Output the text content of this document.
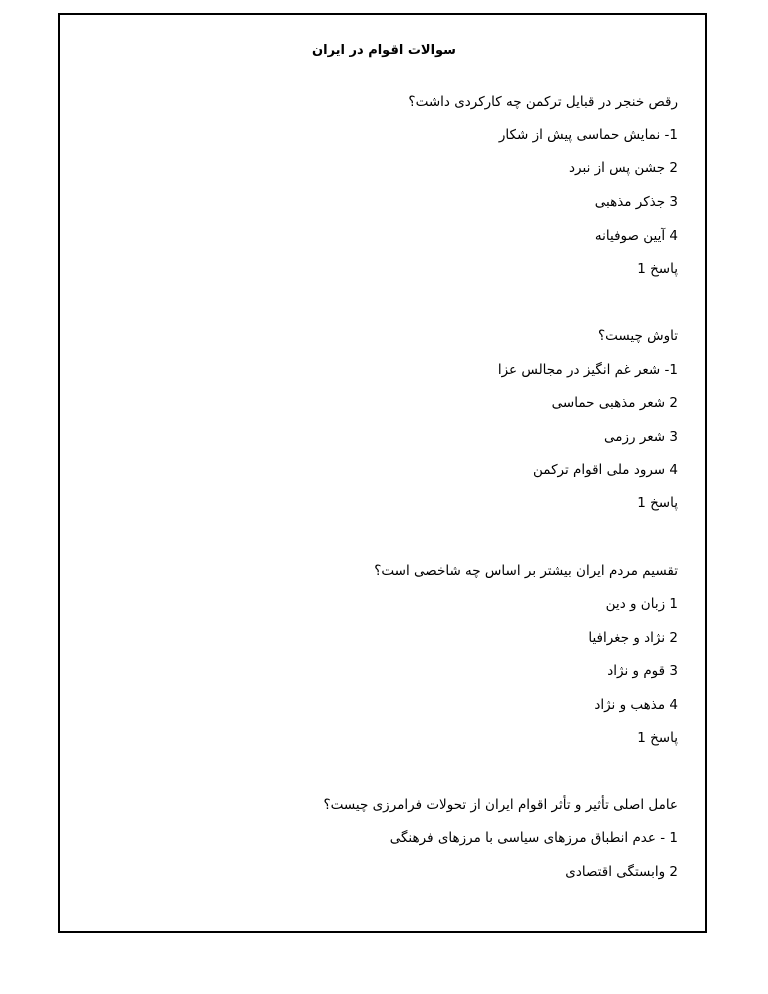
سوالات اقوام در ایران
رقص خنجر در قبایل ترکمن چه کارکردی داشت؟
1- نمایش حماسی پیش از شکار
2 جشن پس از نبرد
3 جذکر مذهبی
4 آیین صوفیانه
پاسخ 1
تاوش چیست؟
1- شعر غم انگیز در مجالس عزا
2 شعر مذهبی حماسی
3 شعر رزمی
4 سرود ملی اقوام ترکمن
پاسخ 1
تقسیم مردم ایران بیشتر بر اساس چه شاخصی است؟
1 زبان و دین
2 نژاد و جغرافیا
3 قوم و نژاد
4 مذهب و نژاد
پاسخ 1
عامل اصلی تأثیر و تأثر اقوام ایران از تحولات فرامرزی چیست؟
1 - عدم انطباق مرزهای سیاسی با مرزهای فرهنگی
2 وابستگی اقتصادی
